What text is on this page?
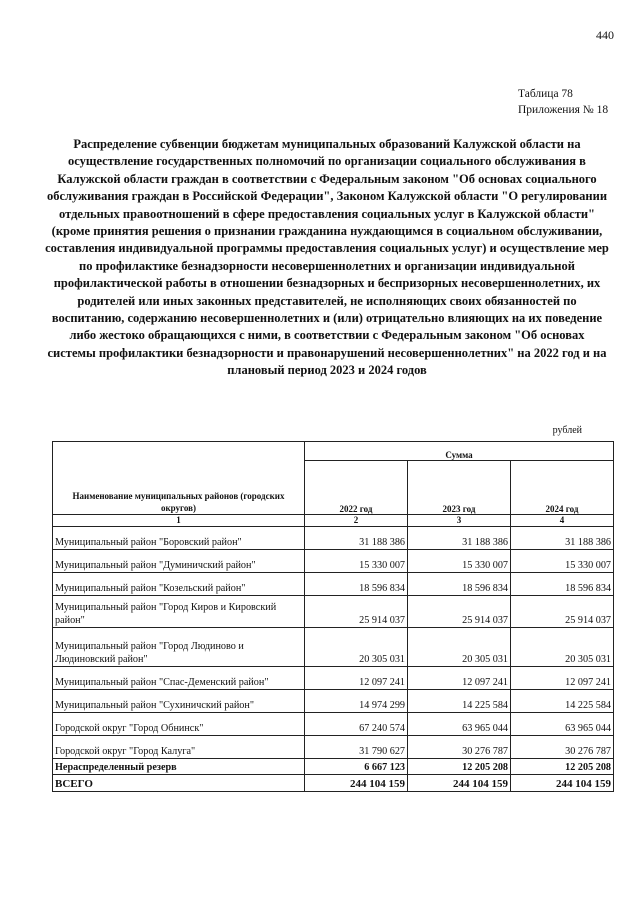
440
Таблица 78
Приложения № 18
Распределение субвенции бюджетам муниципальных образований Калужской области на осуществление государственных полномочий по организации социального обслуживания в Калужской области граждан в соответствии с Федеральным законом "Об основах социального обслуживания граждан в Российской Федерации", Законом Калужской области "О регулировании отдельных правоотношений в сфере предоставления социальных услуг в Калужской области" (кроме принятия решения о признании гражданина нуждающимся в социальном обслуживании, составления индивидуальной программы предоставления социальных услуг) и осуществление мер по профилактике безнадзорности несовершеннолетних и организации индивидуальной профилактической работы в отношении безнадзорных и беспризорных несовершеннолетних, их родителей или иных законных представителей, не исполняющих своих обязанностей по воспитанию, содержанию несовершеннолетних и (или) отрицательно влияющих на их поведение либо жестоко обращающихся с ними, в соответствии с Федеральным законом "Об основах системы профилактики безнадзорности и правонарушений несовершеннолетних" на 2022 год и на плановый период 2023 и 2024 годов
рублей
Наименование муниципальных районов (городских округов)	Сумма		
	2022 год	2023 год	2024 год
1	2	3	4
Муниципальный район "Боровский район"	31 188 386	31 188 386	31 188 386
Муниципальный район "Думиничский район"	15 330 007	15 330 007	15 330 007
Муниципальный район "Козельский район"	18 596 834	18 596 834	18 596 834
Муниципальный район "Город Киров и Кировский район"	25 914 037	25 914 037	25 914 037
Муниципальный район "Город Людиново и Людиновский район"	20 305 031	20 305 031	20 305 031
Муниципальный район "Спас-Деменский район"	12 097 241	12 097 241	12 097 241
Муниципальный район "Сухиничский район"	14 974 299	14 225 584	14 225 584
Городской округ "Город Обнинск"	67 240 574	63 965 044	63 965 044
Городской округ "Город Калуга"	31 790 627	30 276 787	30 276 787
Нераспределенный резерв	6 667 123	12 205 208	12 205 208
ВСЕГО	244 104 159	244 104 159	244 104 159
